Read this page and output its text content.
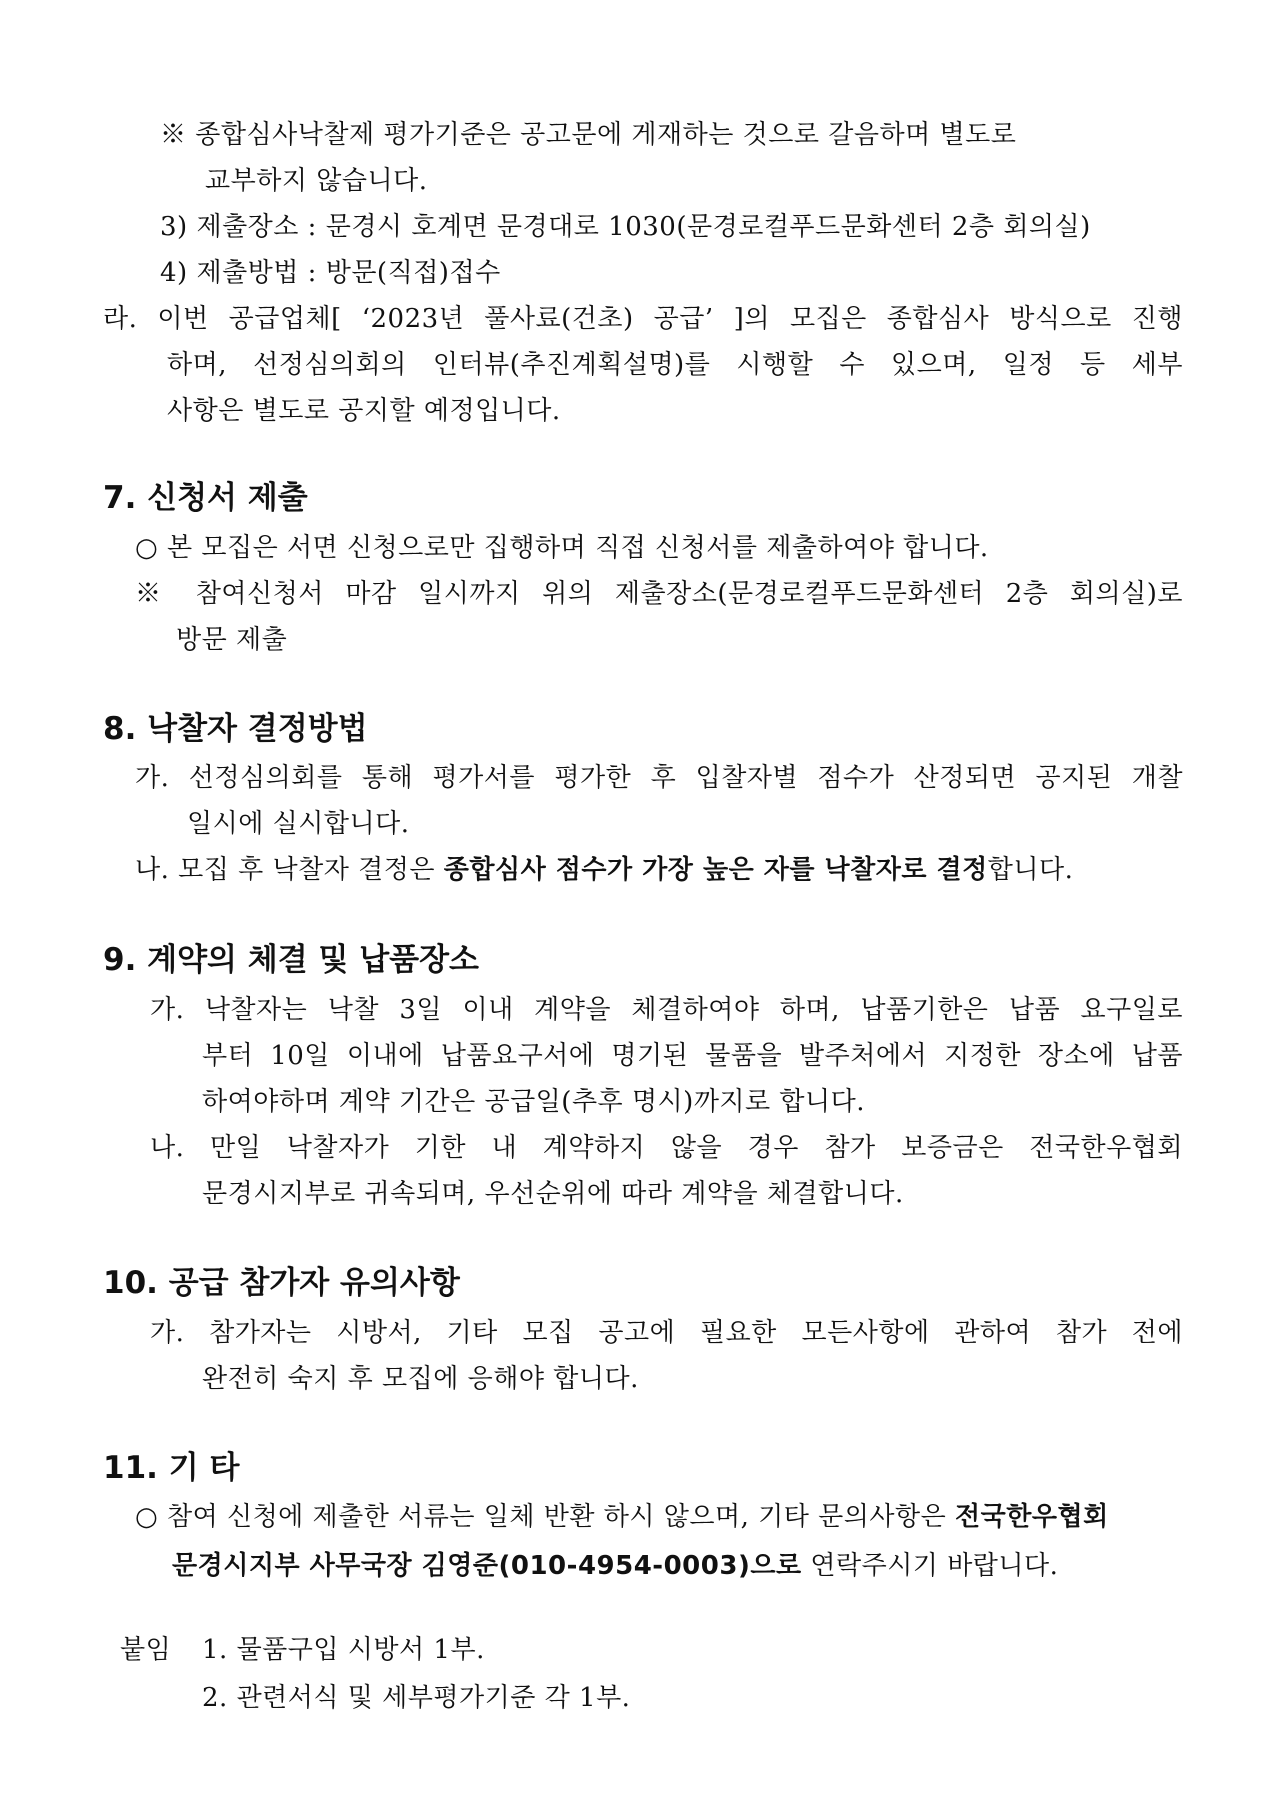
※ 종합심사낙찰제 평가기준은 공고문에 게재하는 것으로 갈음하며 별도로
교부하지 않습니다.
3) 제출장소 : 문경시 호계면 문경대로 1030(문경로컬푸드문화센터 2층 회의실)
4) 제출방법 : 방문(직접)접수
라. 이번 공급업체[ ‘2023년 풀사료(건초) 공급’ ]의 모집은 종합심사 방식으로 진행
하며, 선정심의회의 인터뷰(추진계획설명)를 시행할 수 있으며, 일정 등 세부
사항은 별도로 공지할 예정입니다.
7. 신청서 제출
○ 본 모집은 서면 신청으로만 집행하며 직접 신청서를 제출하여야 합니다.
※ 참여신청서 마감 일시까지 위의 제출장소(문경로컬푸드문화센터 2층 회의실)로
방문 제출
8. 낙찰자 결정방법
가. 선정심의회를 통해 평가서를 평가한 후 입찰자별 점수가 산정되면 공지된 개찰
일시에 실시합니다.
나. 모집 후 낙찰자 결정은 종합심사 점수가 가장 높은 자를 낙찰자로 결정합니다.
9. 계약의 체결 및 납품장소
가. 낙찰자는 낙찰 3일 이내 계약을 체결하여야 하며, 납품기한은 납품 요구일로
부터 10일 이내에 납품요구서에 명기된 물품을 발주처에서 지정한 장소에 납품
하여야하며 계약 기간은 공급일(추후 명시)까지로 합니다.
나. 만일 낙찰자가 기한 내 계약하지 않을 경우 참가 보증금은 전국한우협회
문경시지부로 귀속되며, 우선순위에 따라 계약을 체결합니다.
10. 공급 참가자 유의사항
가. 참가자는 시방서, 기타 모집 공고에 필요한 모든사항에 관하여 참가 전에
완전히 숙지 후 모집에 응해야 합니다.
11. 기 타
○ 참여 신청에 제출한 서류는 일체 반환 하시 않으며, 기타 문의사항은 전국한우협회
문경시지부 사무국장 김영준(010-4954-0003)으로 연락주시기 바랍니다.
붙임 1. 물품구입 시방서 1부.
2. 관련서식 및 세부평가기준 각 1부.
